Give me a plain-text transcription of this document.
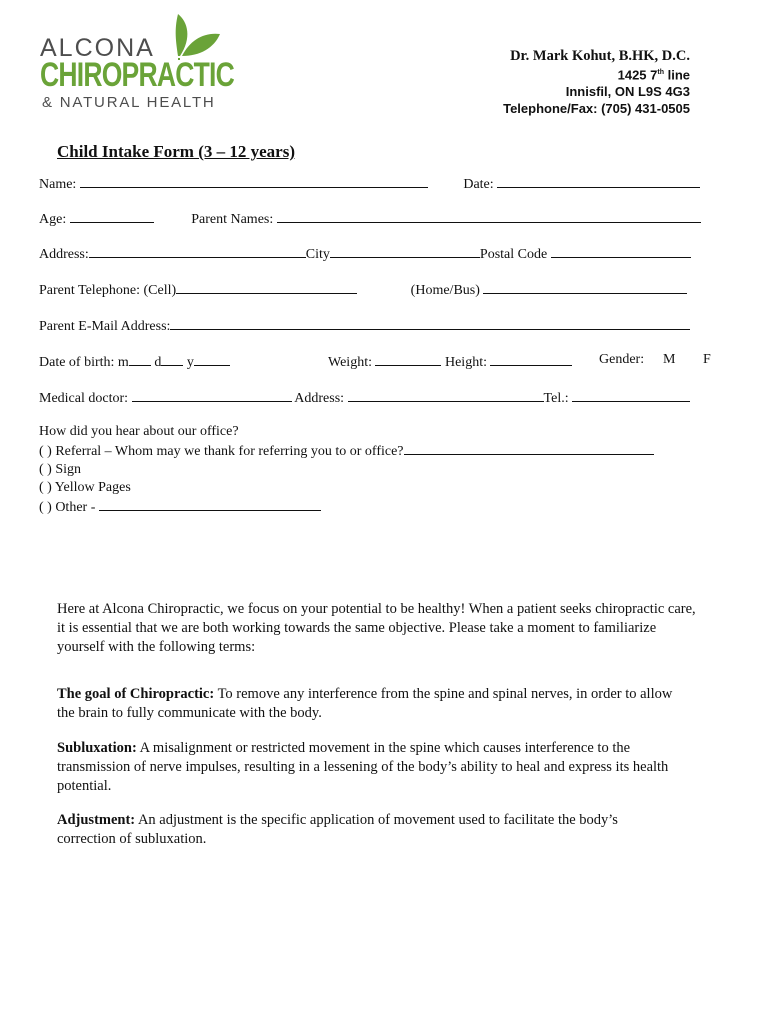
ALCONA
CHIROPRACTIC
& NATURAL HEALTH
Dr. Mark Kohut, B.HK, D.C.
1425 7th line
Innisfil, ON L9S 4G3
Telephone/Fax: (705) 431-0505
Child Intake Form (3 – 12 years)
Name:	Date:
Age:	Parent Names:
Address:	City	Postal Code
Parent Telephone: (Cell)	(Home/Bus)
Parent E-Mail Address:
Date of birth: m d y	Weight:	Height:	Gender: M F
Medical doctor:	Address:	Tel.:
How did you hear about our office?
( ) Referral – Whom may we thank for referring you to or office?
( ) Sign
( ) Yellow Pages
( ) Other -
Here at Alcona Chiropractic, we focus on your potential to be healthy! When a patient seeks chiropractic care, it is essential that we are both working towards the same objective. Please take a moment to familiarize yourself with the following terms:
The goal of Chiropractic: To remove any interference from the spine and spinal nerves, in order to allow the brain to fully communicate with the body.
Subluxation: A misalignment or restricted movement in the spine which causes interference to the transmission of nerve impulses, resulting in a lessening of the body’s ability to heal and express its health potential.
Adjustment: An adjustment is the specific application of movement used to facilitate the body’s correction of subluxation.
